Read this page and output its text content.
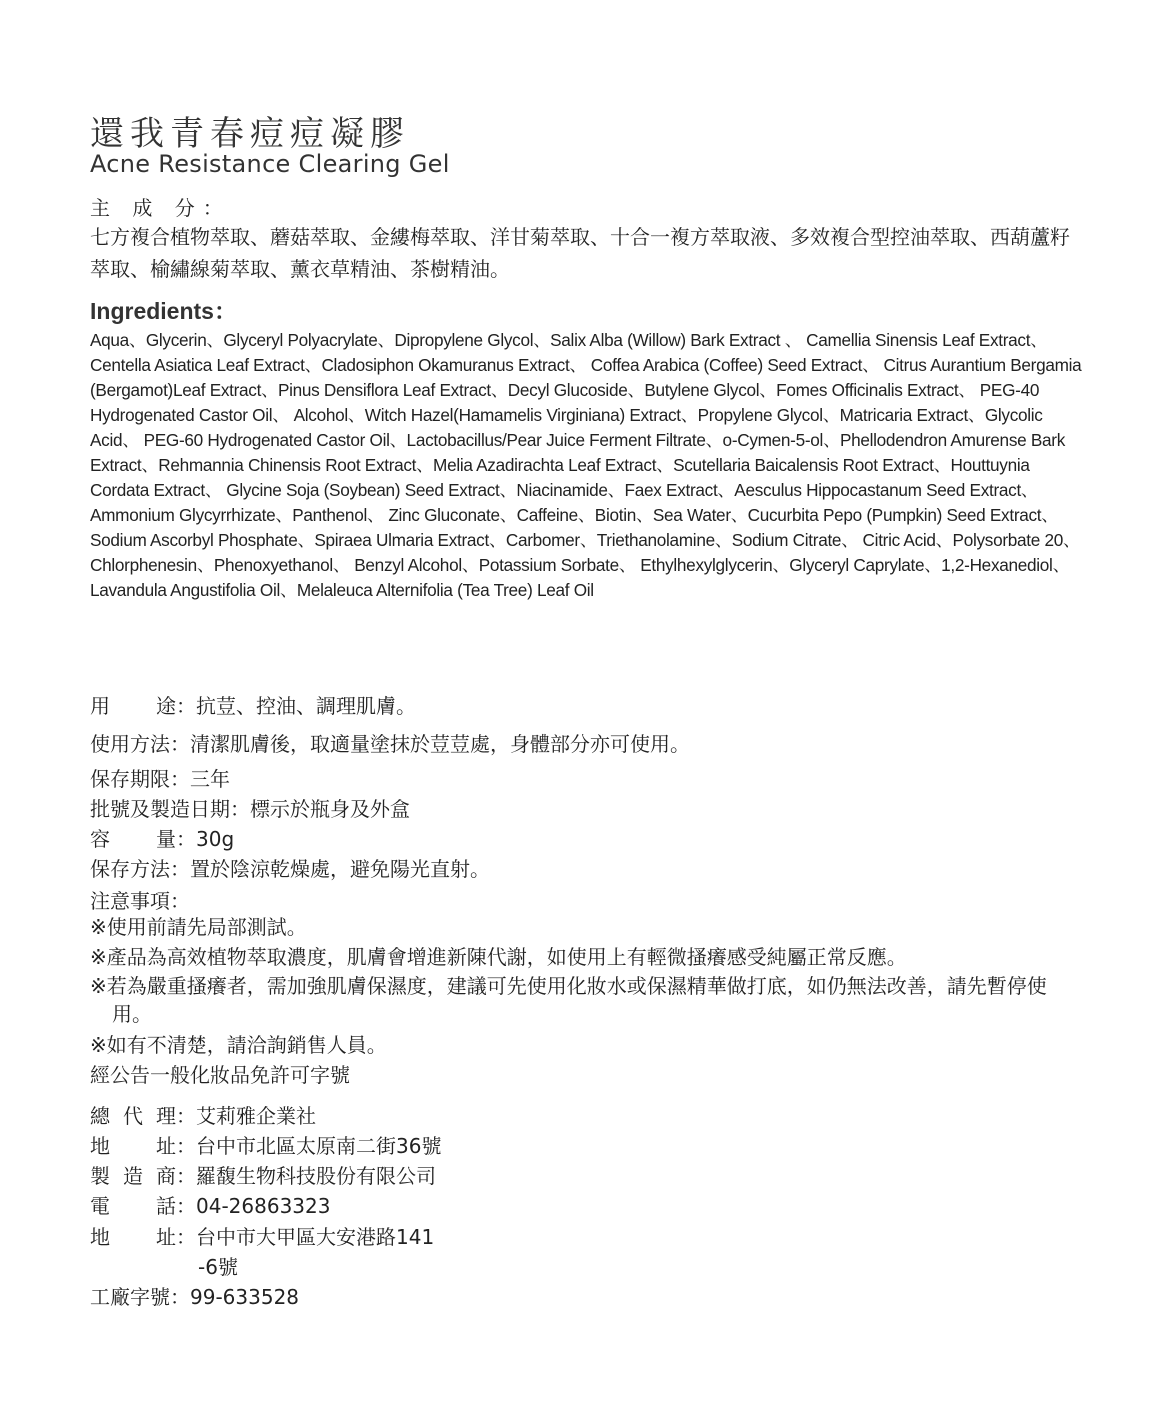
還我青春痘痘凝膠
Acne Resistance Clearing Gel
主 成 分：
七方複合植物萃取、蘑菇萃取、金縷梅萃取、洋甘菊萃取、十合一複方萃取液、多效複合型控油萃取、西葫蘆籽萃取、榆繡線菊萃取、薰衣草精油、茶樹精油。
Ingredients：
Aqua、Glycerin、Glyceryl Polyacrylate、Dipropylene Glycol、Salix Alba (Willow) Bark Extract 、 Camellia Sinensis Leaf Extract、Centella Asiatica Leaf Extract、Cladosiphon Okamuranus Extract、 Coffea Arabica (Coffee) Seed Extract、 Citrus Aurantium Bergamia (Bergamot)Leaf Extract、Pinus Densiflora Leaf Extract、Decyl Glucoside、Butylene Glycol、Fomes Officinalis Extract、 PEG-40 Hydrogenated Castor Oil、 Alcohol、Witch Hazel(Hamamelis Virginiana) Extract、Propylene Glycol、Matricaria Extract、Glycolic Acid、 PEG-60 Hydrogenated Castor Oil、Lactobacillus/Pear Juice Ferment Filtrate、o-Cymen-5-ol、Phellodendron Amurense Bark Extract、Rehmannia Chinensis Root Extract、Melia Azadirachta Leaf Extract、Scutellaria Baicalensis Root Extract、Houttuynia Cordata Extract、 Glycine Soja (Soybean) Seed Extract、Niacinamide、Faex Extract、Aesculus Hippocastanum Seed Extract、 Ammonium Glycyrrhizate、Panthenol、 Zinc Gluconate、Caffeine、Biotin、Sea Water、Cucurbita Pepo (Pumpkin) Seed Extract、Sodium Ascorbyl Phosphate、Spiraea Ulmaria Extract、Carbomer、Triethanolamine、Sodium Citrate、 Citric Acid、Polysorbate 20、 Chlorphenesin、Phenoxyethanol、 Benzyl Alcohol、Potassium Sorbate、 Ethylhexylglycerin、Glyceryl Caprylate、1,2-Hexanediol、Lavandula Angustifolia Oil、Melaleuca Alternifolia (Tea Tree) Leaf Oil
用 途：抗荳、控油、調理肌膚。
使用方法：清潔肌膚後，取適量塗抹於荳荳處，身體部分亦可使用。
保存期限：三年
批號及製造日期：標示於瓶身及外盒
容 量：30g
保存方法：置於陰涼乾燥處，避免陽光直射。
注意事項：
※使用前請先局部測試。
※產品為高效植物萃取濃度，肌膚會增進新陳代謝，如使用上有輕微搔癢感受純屬正常反應。
※若為嚴重搔癢者，需加強肌膚保濕度，建議可先使用化妝水或保濕精華做打底，如仍無法改善，請先暫停使用。
※如有不清楚，請洽詢銷售人員。
經公告一般化妝品免許可字號
總 代 理：艾莉雅企業社
地 址：台中市北區太原南二街36號
製 造 商：羅馥生物科技股份有限公司
電 話：04-26863323
地 址：台中市大甲區大安港路141
-6號
工廠字號：99-633528
